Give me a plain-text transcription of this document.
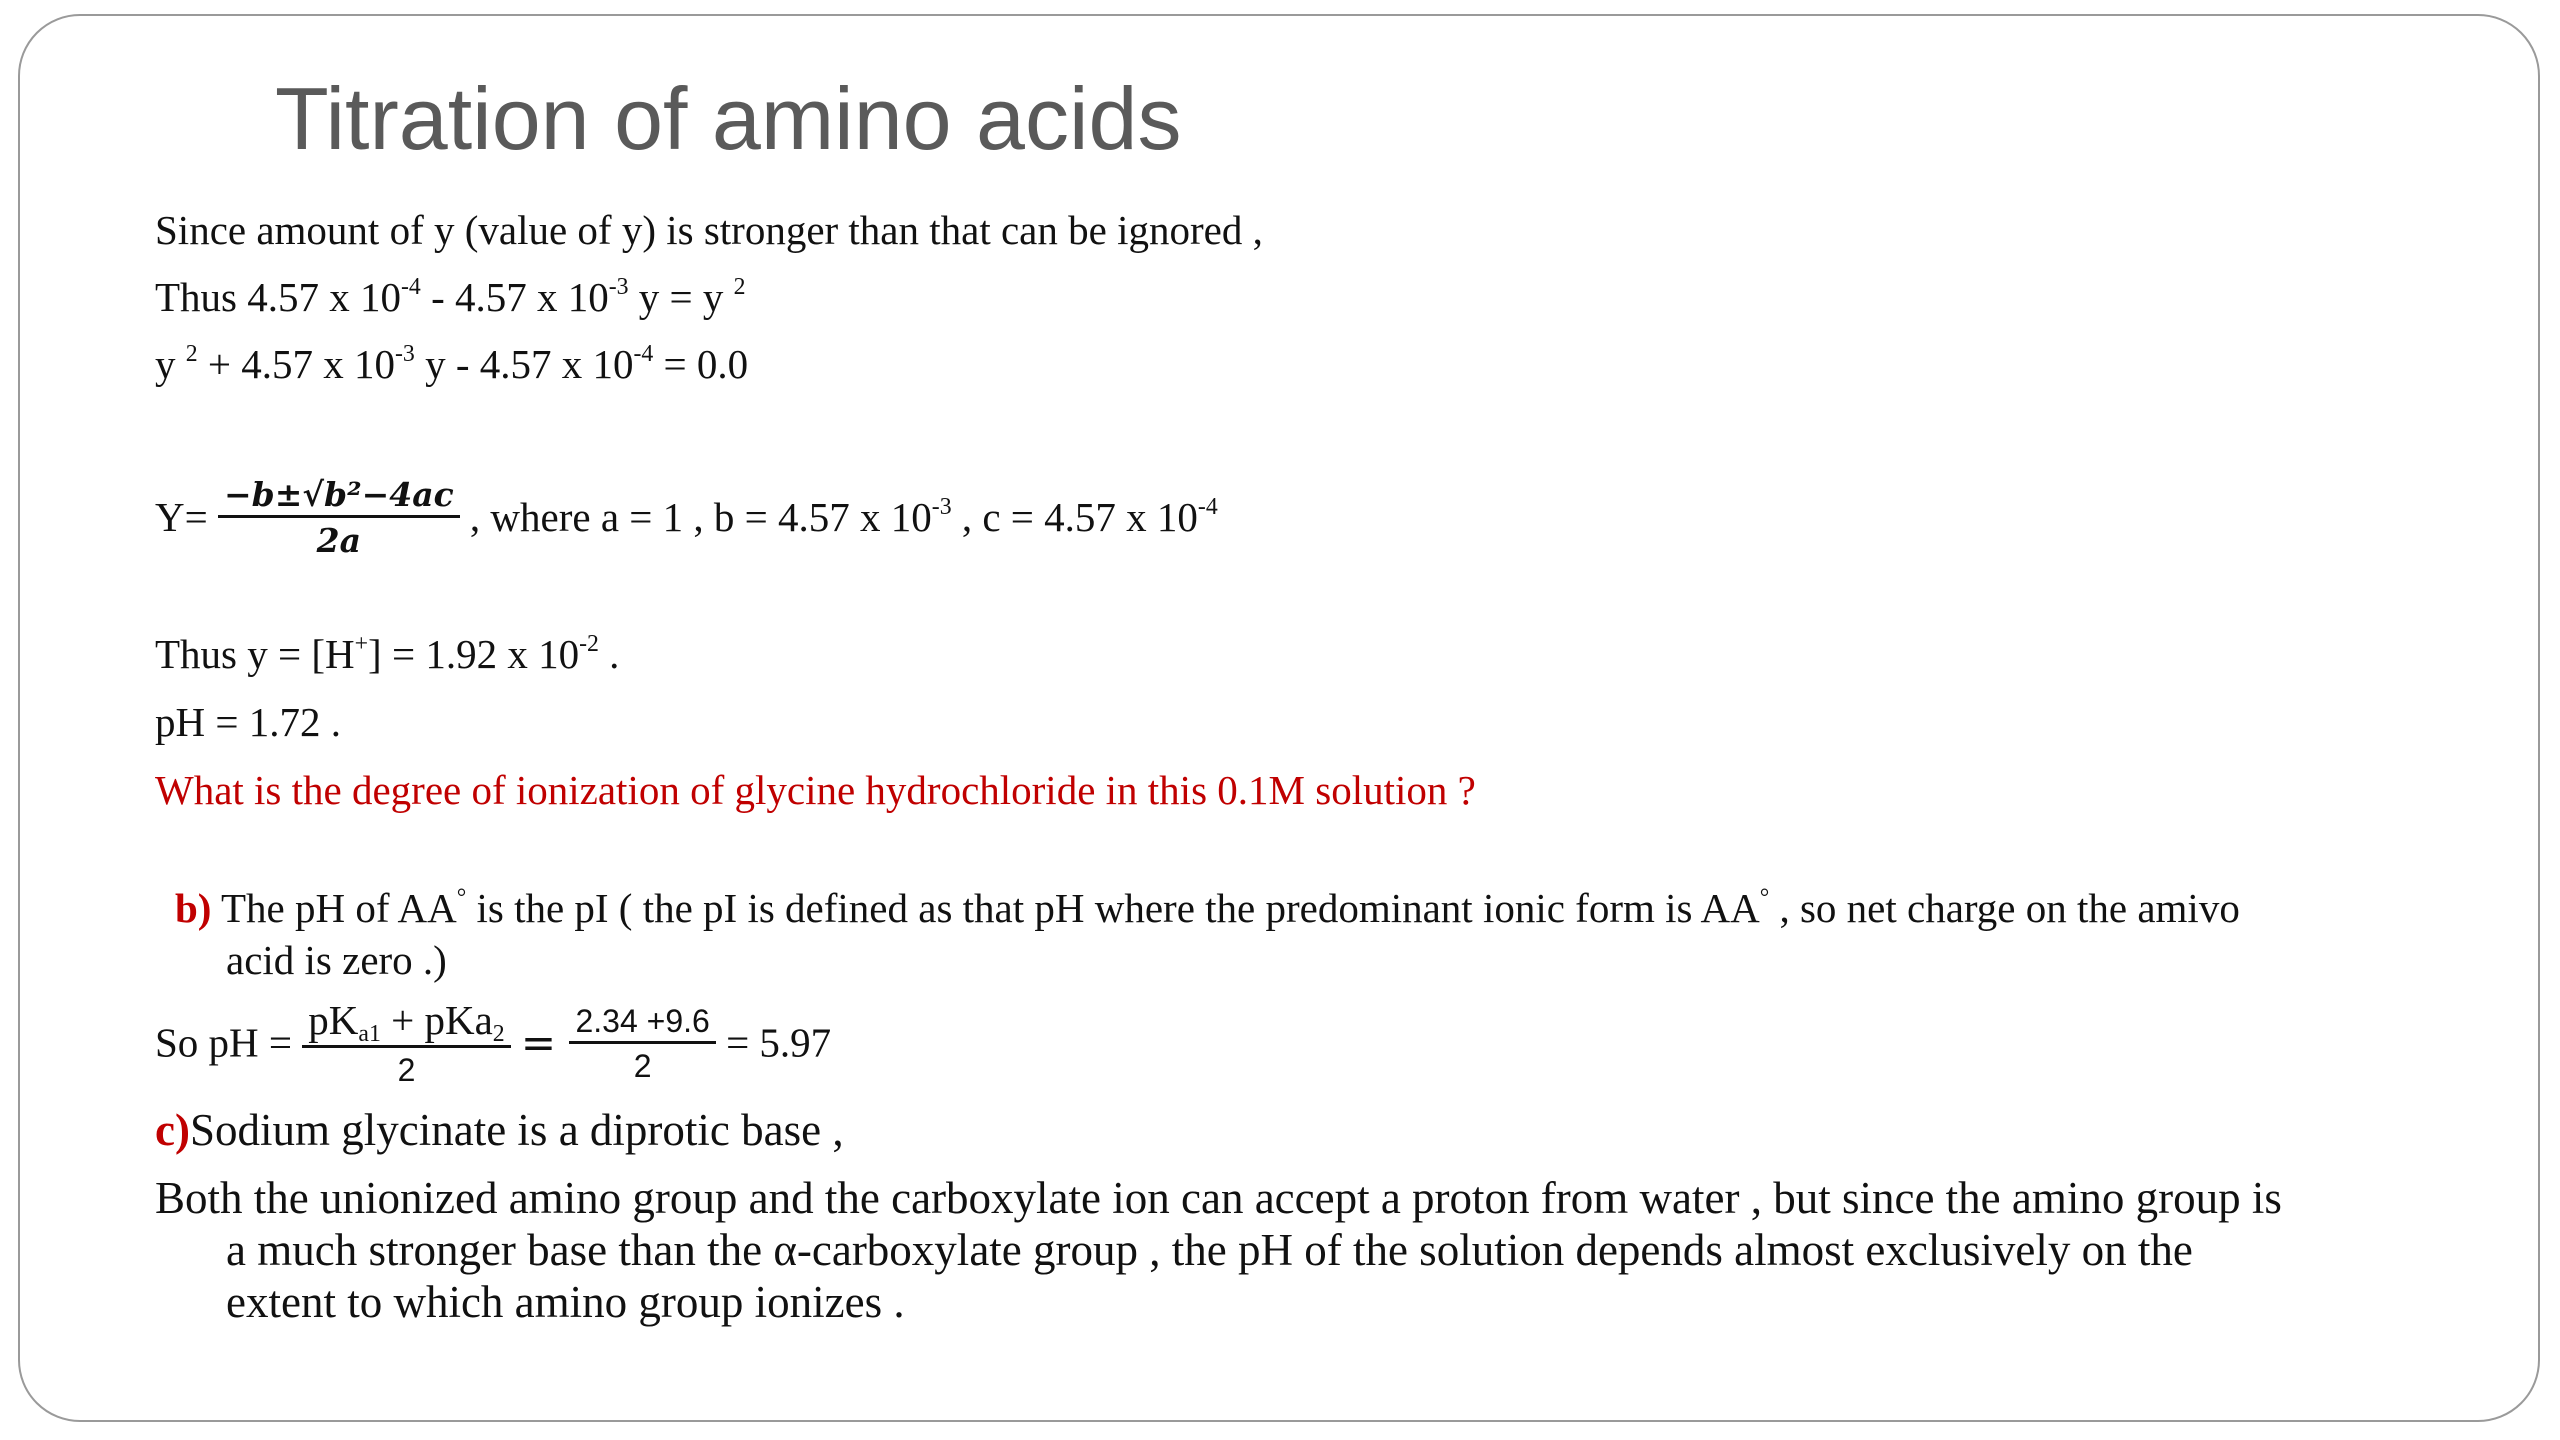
Titration of amino acids
Since amount of y (value of y) is stronger than that can be ignored ,
Thus 4.57 x $10^{-4} - 4.57$ x $10^{-3}$ y = y $^2$
y $^2$ + 4.57 x $10^{-3}$ y - 4.57 x $10^{-4} = 0.0$
$Y= \frac{\text{−b±√b²−4ac}}{2a}$ , where a = 1 , b = 4.57 x $10^{-3}$ , c = 4.57 x $10^{-4}$
Thus y = [H+] = 1.92 x $10^{-2}$ .
pH = 1.72 .
What is the degree of ionization of glycine hydrochloride in this 0.1M solution ?
b) The pH of AA° is the pI ( the pI is defined as that pH where the predominant ionic form is AA° , so net charge on the amivo
acid is zero .)
So pH = $\frac{pK_{a1} + pKa_2}{2} = \frac{2.34 +9.6}{2} = 5.97$
c)Sodium glycinate is a diprotic base ,
Both the unionized amino group and the carboxylate ion can accept a proton from water , but since the amino group is
a much stronger base than the α-carboxylate group , the pH of the solution depends almost exclusively on the
extent to which amino group ionizes .
